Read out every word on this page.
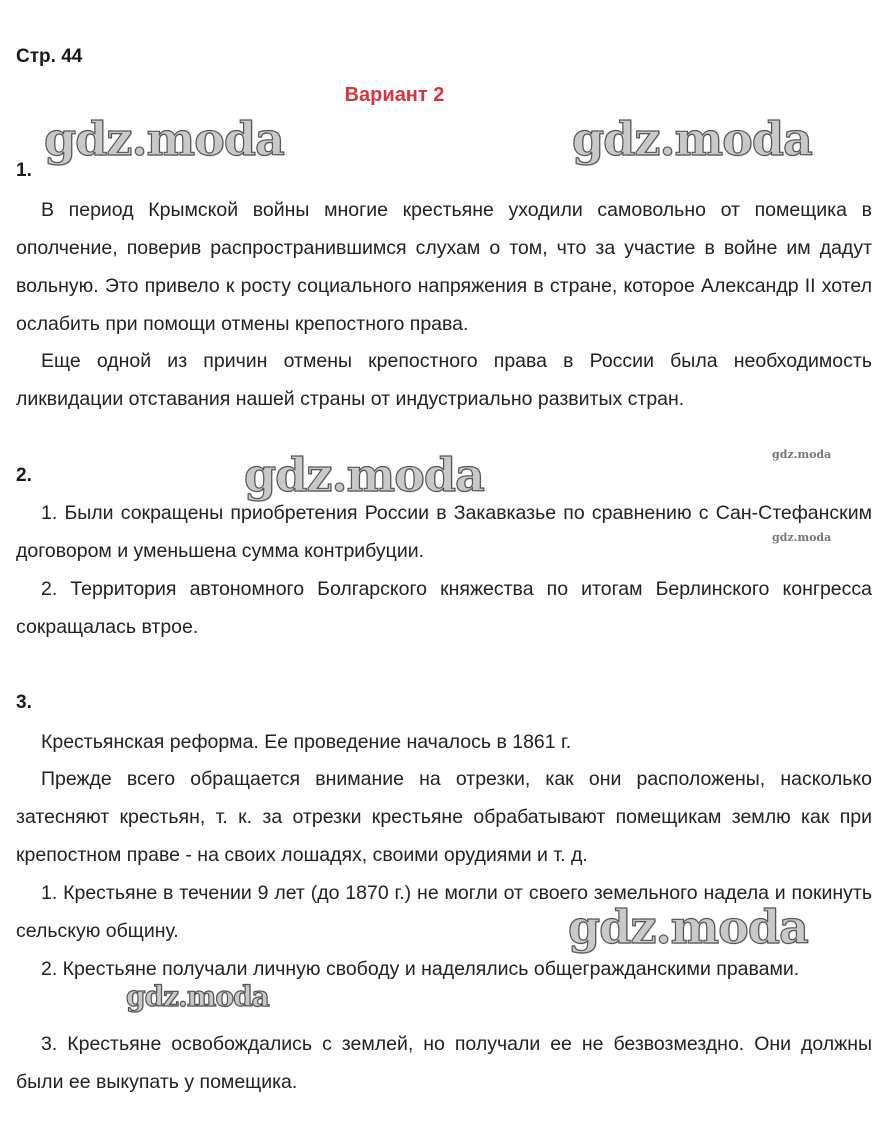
Стр. 44
Вариант 2
1.

В период Крымской войны многие крестьяне уходили самовольно от помещика в ополчение, поверив распространившимся слухам о том, что за участие в войне им дадут вольную. Это привело к росту социального напряжения в стране, которое Александр II хотел ослабить при помощи отмены крепостного права.

Еще одной из причин отмены крепостного права в России была необходимость ликвидации отставания нашей страны от индустриально развитых стран.

2.

1. Были сокращены приобретения России в Закавказье по сравнению с Сан-Стефанским договором и уменьшена сумма контрибуции.

2. Территория автономного Болгарского княжества по итогам Берлинского конгресса сокращалась втрое.

3.

Крестьянская реформа. Ее проведение началось в 1861 г.

Прежде всего обращается внимание на отрезки, как они расположены, насколько затесняют крестьян, т. к. за отрезки крестьяне обрабатывают помещикам землю как при крепостном праве - на своих лошадях, своими орудиями и т. д.

1. Крестьяне в течении 9 лет (до 1870 г.) не могли от своего земельного надела и покинуть сельскую общину.

2. Крестьяне получали личную свободу и наделялись общегражданскими правами.

3. Крестьяне освобождались с землей, но получали ее не безвозмездно. Они должны были ее выкупать у помещика.

gdz.moda	gdz.moda
gdz.moda
gdz.moda
gdz.moda
gdz.moda
gdz.moda
